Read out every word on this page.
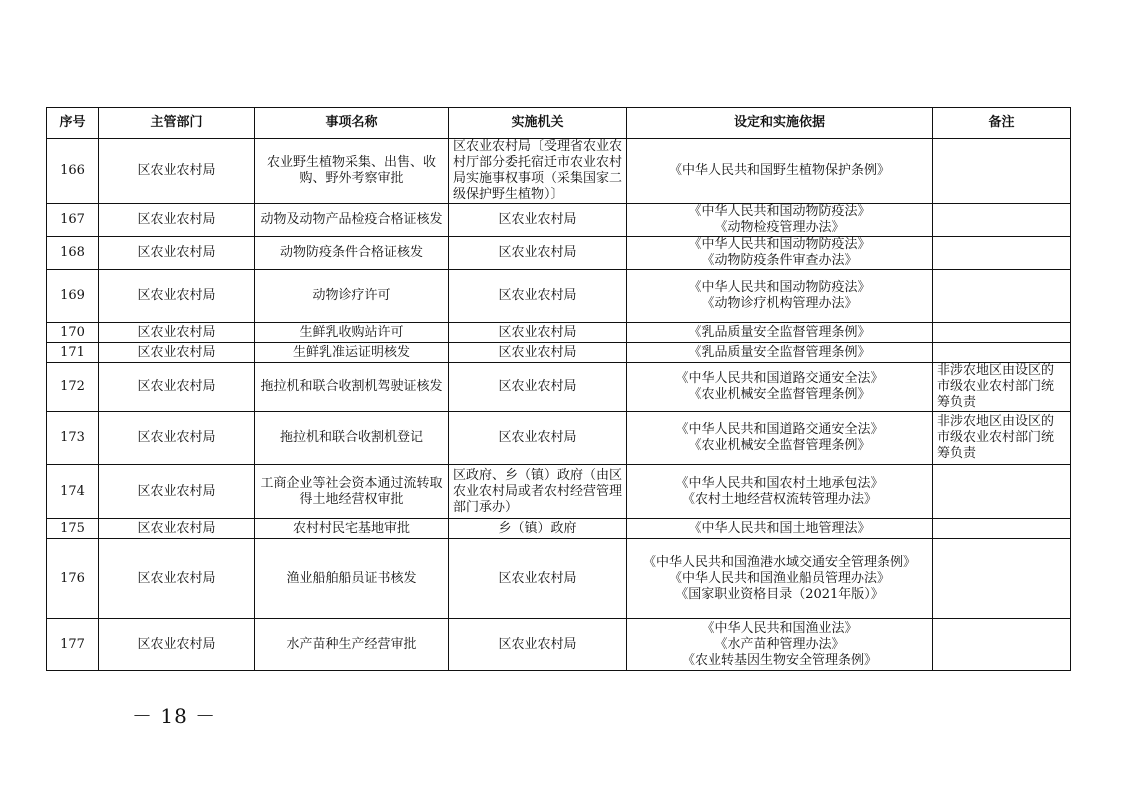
序号	主管部门	事项名称	实施机关	设定和实施依据	备注
166	区农业农村局	农业野生植物采集、出售、收购、野外考察审批	区农业农村局〔受理省农业农村厅部分委托宿迁市农业农村局实施事权事项（采集国家二级保护野生植物）〕	《中华人民共和国野生植物保护条例》	

167	区农业农村局	动物及动物产品检疫合格证核发	区农业农村局	《中华人民共和国动物防疫法》
《动物检疫管理办法》	

168	区农业农村局	动物防疫条件合格证核发	区农业农村局	《中华人民共和国动物防疫法》
《动物防疫条件审查办法》	

169	区农业农村局	动物诊疗许可	区农业农村局	《中华人民共和国动物防疫法》
《动物诊疗机构管理办法》	

170	区农业农村局	生鲜乳收购站许可	区农业农村局	《乳品质量安全监督管理条例》	

171	区农业农村局	生鲜乳准运证明核发	区农业农村局	《乳品质量安全监督管理条例》	

172	区农业农村局	拖拉机和联合收割机驾驶证核发	区农业农村局	《中华人民共和国道路交通安全法》
《农业机械安全监督管理条例》	非涉农地区由设区的市级农业农村部门统筹负责
173	区农业农村局	拖拉机和联合收割机登记	区农业农村局	《中华人民共和国道路交通安全法》
《农业机械安全监督管理条例》	非涉农地区由设区的市级农业农村部门统筹负责
174	区农业农村局	工商企业等社会资本通过流转取得土地经营权审批	区政府、乡（镇）政府（由区农业农村局或者农村经营管理部门承办）	《中华人民共和国农村土地承包法》
《农村土地经营权流转管理办法》	

175	区农业农村局	农村村民宅基地审批	乡（镇）政府	《中华人民共和国土地管理法》	

176	区农业农村局	渔业船舶船员证书核发	区农业农村局	《中华人民共和国渔港水域交通安全管理条例》
《中华人民共和国渔业船员管理办法》
《国家职业资格目录（2021年版）》	

177	区农业农村局	水产苗种生产经营审批	区农业农村局	《中华人民共和国渔业法》
《水产苗种管理办法》
《农业转基因生物安全管理条例》	

－ 18 －
